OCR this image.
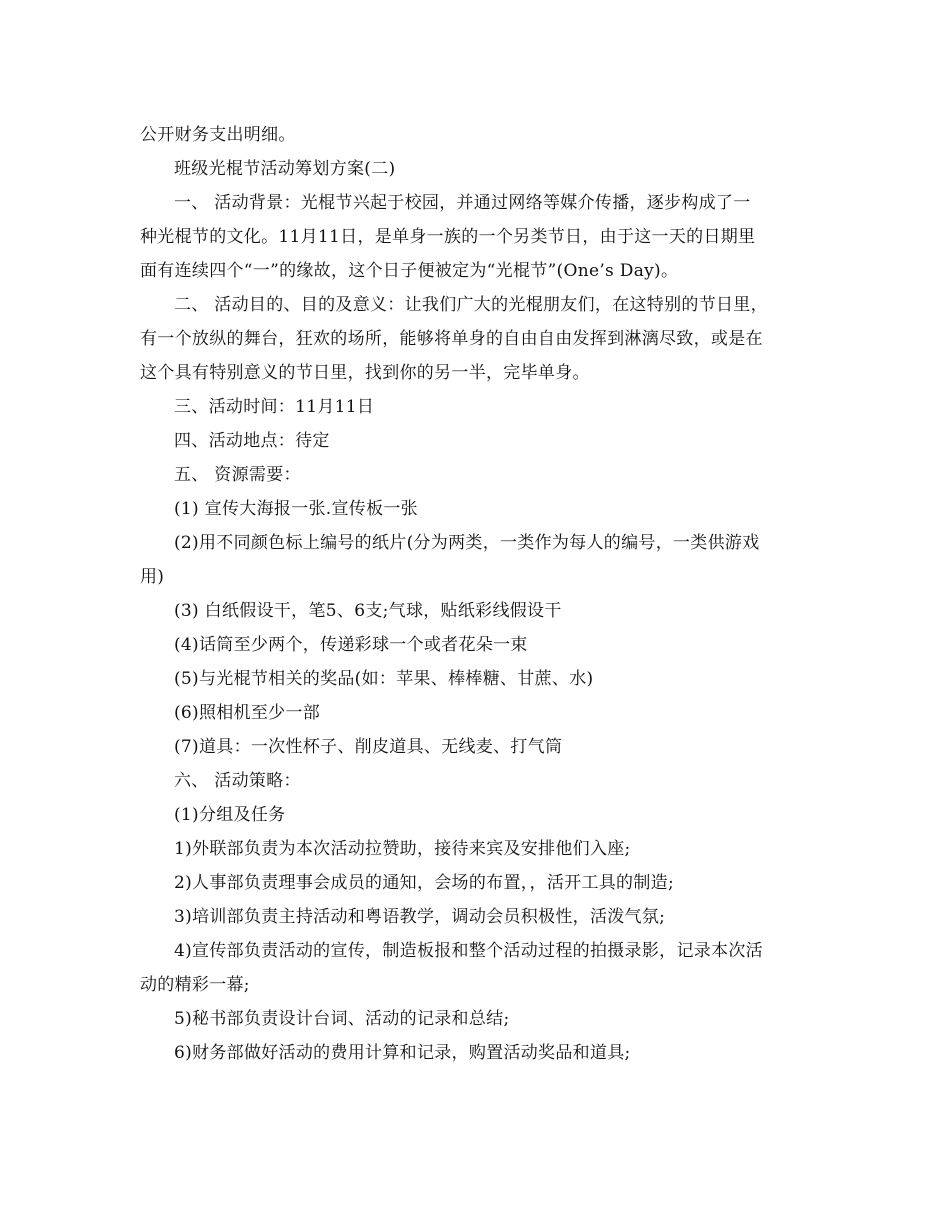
公开财务支出明细。
班级光棍节活动筹划方案(二)
一、 活动背景：光棍节兴起于校园，并通过网络等媒介传播，逐步构成了一
种光棍节的文化。11月11日，是单身一族的一个另类节日，由于这一天的日期里
面有连续四个“一”的缘故，这个日子便被定为“光棍节”(One’s Day)。
二、 活动目的、目的及意义：让我们广大的光棍朋友们，在这特别的节日里，
有一个放纵的舞台，狂欢的场所，能够将单身的自由自由发挥到淋漓尽致，或是在
这个具有特别意义的节日里，找到你的另一半，完毕单身。
三、活动时间：11月11日
四、活动地点：待定
五、 资源需要：
(1) 宣传大海报一张.宣传板一张
(2)用不同颜色标上编号的纸片(分为两类，一类作为每人的编号，一类供游戏
用)
(3) 白纸假设干，笔5、6支;气球，贴纸彩线假设干
(4)话筒至少两个，传递彩球一个或者花朵一束
(5)与光棍节相关的奖品(如：苹果、棒棒糖、甘蔗、水)
(6)照相机至少一部
(7)道具：一次性杯子、削皮道具、无线麦、打气筒
六、 活动策略：
(1)分组及任务
1)外联部负责为本次活动拉赞助，接待来宾及安排他们入座;
2)人事部负责理事会成员的通知，会场的布置，，活开工具的制造;
3)培训部负责主持活动和粤语教学，调动会员积极性，活泼气氛;
4)宣传部负责活动的宣传，制造板报和整个活动过程的拍摄录影，记录本次活
动的精彩一幕;
5)秘书部负责设计台词、活动的记录和总结;
6)财务部做好活动的费用计算和记录，购置活动奖品和道具;
